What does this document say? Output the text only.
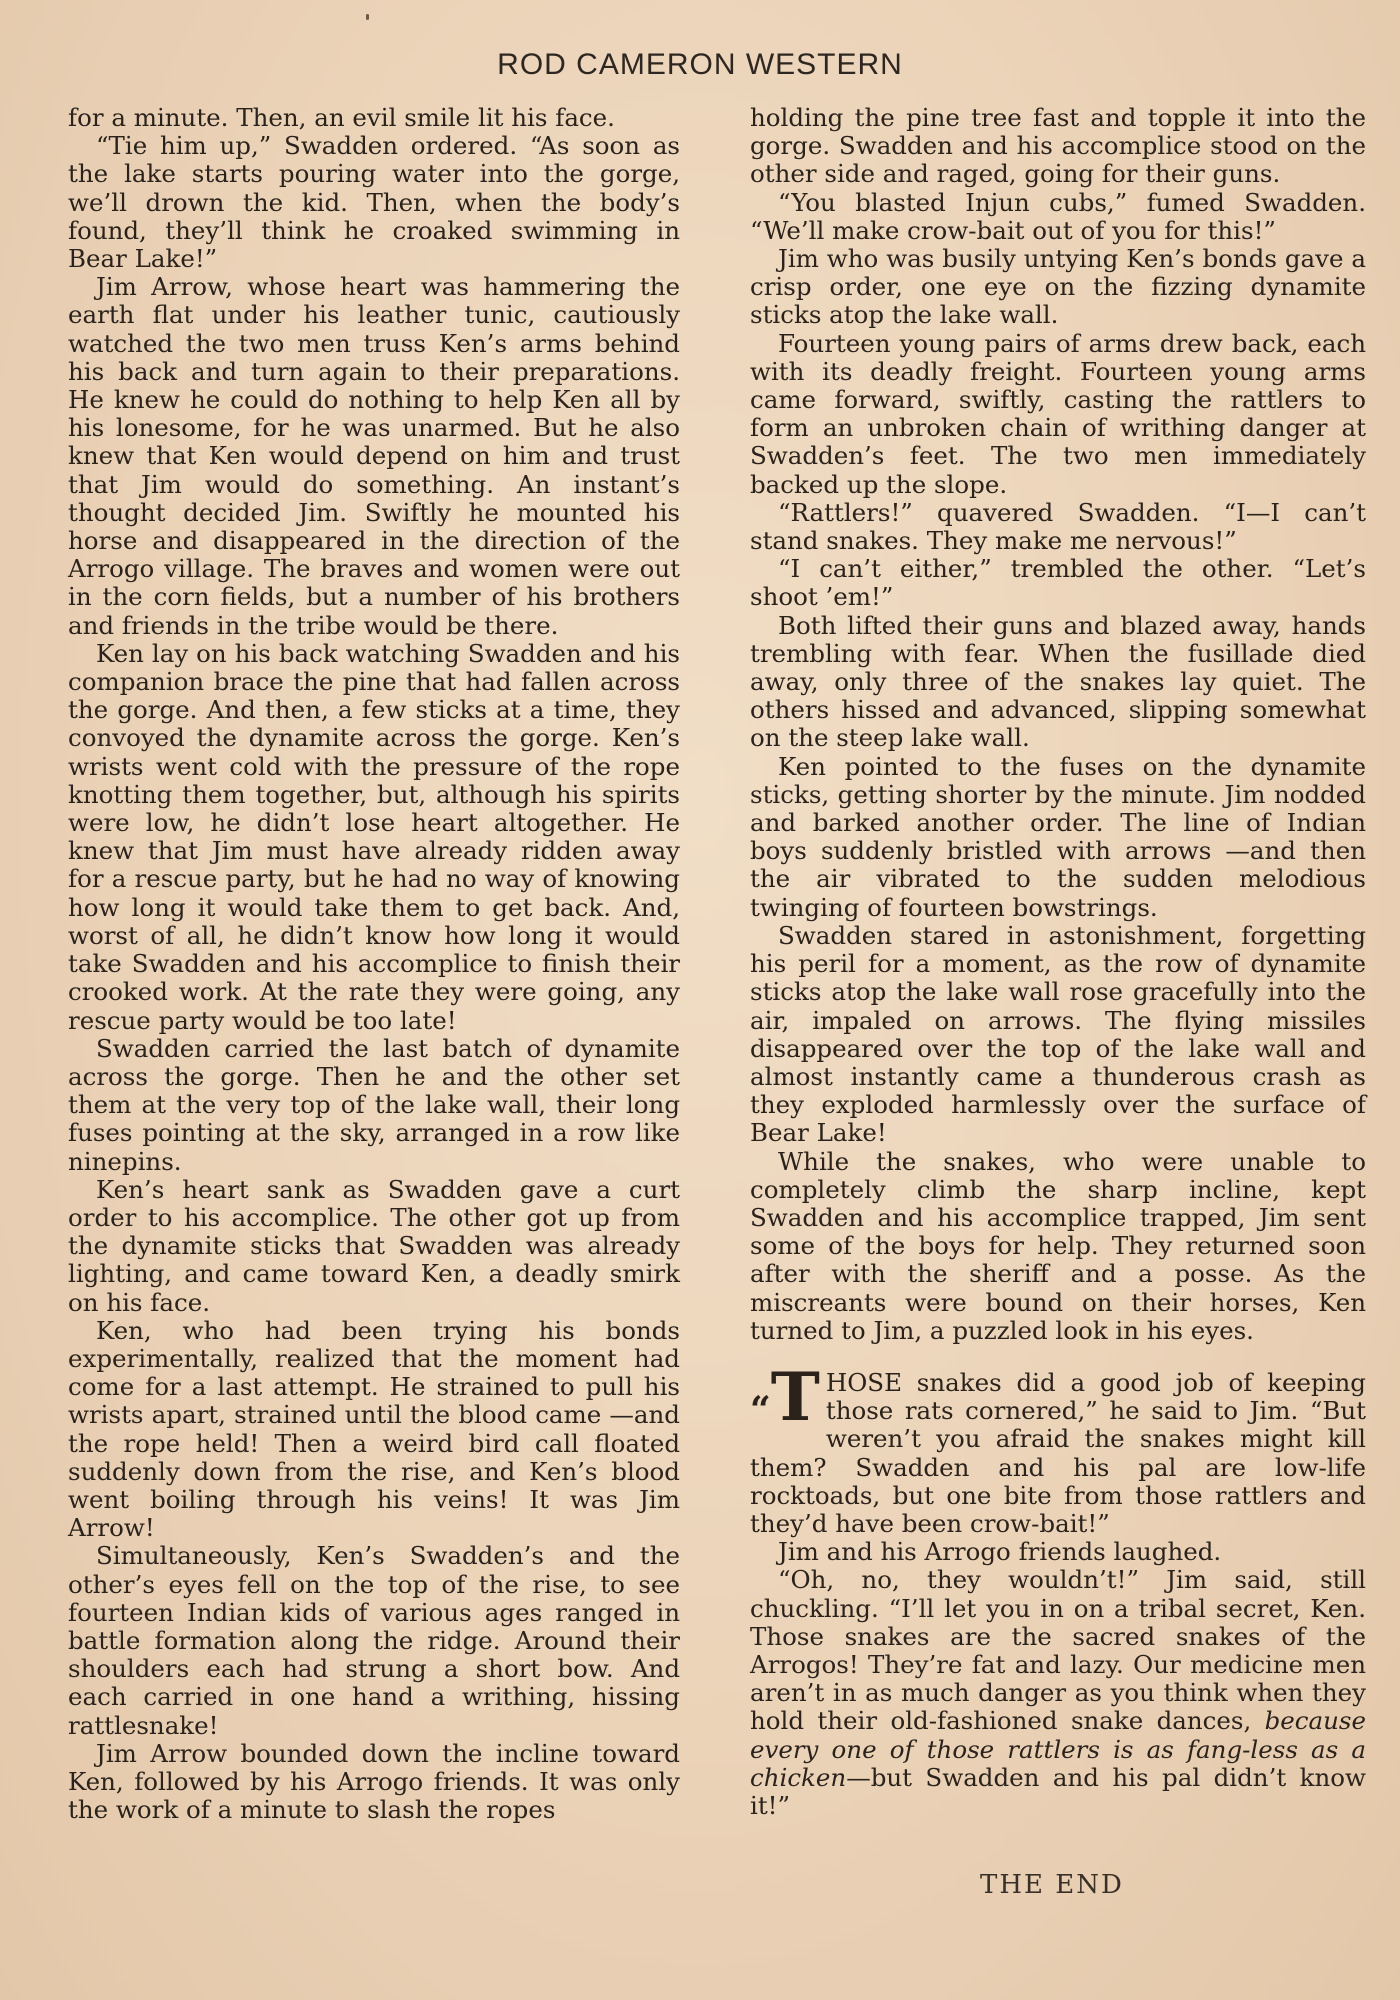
ROD CAMERON WESTERN

for a minute. Then, an evil smile lit his face.

“Tie him up,” Swadden ordered. “As soon as the lake starts pouring water into the gorge, we’ll drown the kid. Then, when the body’s found, they’ll think he croaked swimming in Bear Lake!”

Jim Arrow, whose heart was hammering the earth flat under his leather tunic, cautiously watched the two men truss Ken’s arms behind his back and turn again to their preparations. He knew he could do nothing to help Ken all by his lonesome, for he was unarmed. But he also knew that Ken would depend on him and trust that Jim would do something. An instant’s thought decided Jim. Swiftly he mounted his horse and disappeared in the direction of the Arrogo village. The braves and women were out in the corn fields, but a number of his brothers and friends in the tribe would be there.

Ken lay on his back watching Swadden and his companion brace the pine that had fallen across the gorge. And then, a few sticks at a time, they convoyed the dynamite across the gorge. Ken’s wrists went cold with the pressure of the rope knotting them together, but, although his spirits were low, he didn’t lose heart altogether. He knew that Jim must have already ridden away for a rescue party, but he had no way of knowing how long it would take them to get back. And, worst of all, he didn’t know how long it would take Swadden and his accomplice to finish their crooked work. At the rate they were going, any rescue party would be too late!

Swadden carried the last batch of dynamite across the gorge. Then he and the other set them at the very top of the lake wall, their long fuses pointing at the sky, arranged in a row like ninepins.

Ken’s heart sank as Swadden gave a curt order to his accomplice. The other got up from the dynamite sticks that Swadden was already lighting, and came toward Ken, a deadly smirk on his face.

Ken, who had been trying his bonds experimentally, realized that the moment had come for a last attempt. He strained to pull his wrists apart, strained until the blood came —and the rope held! Then a weird bird call floated suddenly down from the rise, and Ken’s blood went boiling through his veins! It was Jim Arrow!

Simultaneously, Ken’s Swadden’s and the other’s eyes fell on the top of the rise, to see fourteen Indian kids of various ages ranged in battle formation along the ridge. Around their shoulders each had strung a short bow. And each carried in one hand a writhing, hissing rattlesnake!

Jim Arrow bounded down the incline toward Ken, followed by his Arrogo friends. It was only the work of a minute to slash the ropes

holding the pine tree fast and topple it into the gorge. Swadden and his accomplice stood on the other side and raged, going for their guns.

“You blasted Injun cubs,” fumed Swadden. “We’ll make crow-bait out of you for this!”

Jim who was busily untying Ken’s bonds gave a crisp order, one eye on the fizzing dynamite sticks atop the lake wall.

Fourteen young pairs of arms drew back, each with its deadly freight. Fourteen young arms came forward, swiftly, casting the rattlers to form an unbroken chain of writhing danger at Swadden’s feet. The two men immediately backed up the slope.

“Rattlers!” quavered Swadden. “I—I can’t stand snakes. They make me nervous!”

“I can’t either,” trembled the other. “Let’s shoot ’em!”

Both lifted their guns and blazed away, hands trembling with fear. When the fusillade died away, only three of the snakes lay quiet. The others hissed and advanced, slipping somewhat on the steep lake wall.

Ken pointed to the fuses on the dynamite sticks, getting shorter by the minute. Jim nodded and barked another order. The line of Indian boys suddenly bristled with arrows —and then the air vibrated to the sudden melodious twinging of fourteen bowstrings.

Swadden stared in astonishment, forgetting his peril for a moment, as the row of dynamite sticks atop the lake wall rose gracefully into the air, impaled on arrows. The flying missiles disappeared over the top of the lake wall and almost instantly came a thunderous crash as they exploded harmlessly over the surface of Bear Lake!

While the snakes, who were unable to completely climb the sharp incline, kept Swadden and his accomplice trapped, Jim sent some of the boys for help. They returned soon after with the sheriff and a posse. As the miscreants were bound on their horses, Ken turned to Jim, a puzzled look in his eyes.

“T HOSE snakes did a good job of keeping those rats cornered,” he said to Jim. “But weren’t you afraid the snakes might kill them? Swadden and his pal are low-life rocktoads, but one bite from those rattlers and they’d have been crow-bait!”

Jim and his Arrogo friends laughed.

“Oh, no, they wouldn’t!” Jim said, still chuckling. “I’ll let you in on a tribal secret, Ken. Those snakes are the sacred snakes of the Arrogos! They’re fat and lazy. Our medicine men aren’t in as much danger as you think when they hold their old-fashioned snake dances, because every one of those rattlers is as fang-less as a chicken—but Swadden and his pal didn’t know it!”

THE END
